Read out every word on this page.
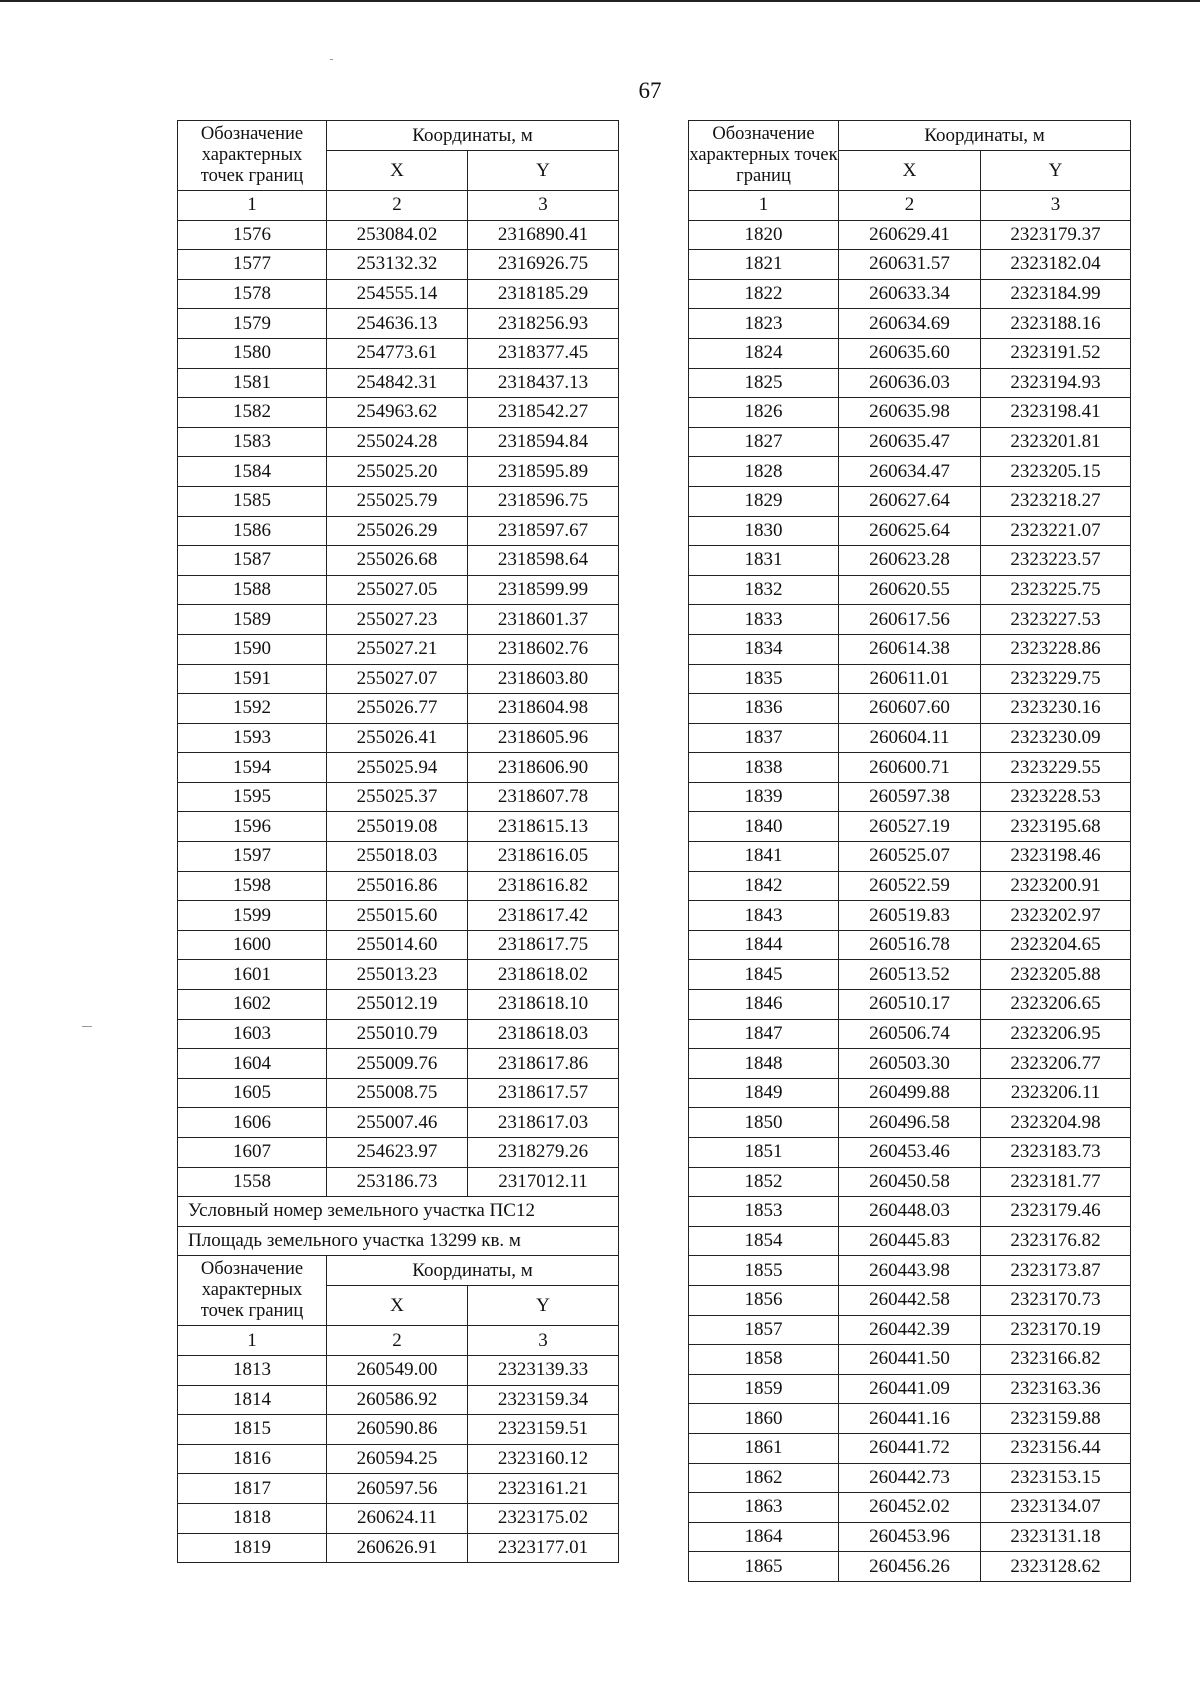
67
Обозначение характерных точек границ	Координаты, м	
	X	Y
1	2	3
1576	253084.02	2316890.41
1577	253132.32	2316926.75
1578	254555.14	2318185.29
1579	254636.13	2318256.93
1580	254773.61	2318377.45
1581	254842.31	2318437.13
1582	254963.62	2318542.27
1583	255024.28	2318594.84
1584	255025.20	2318595.89
1585	255025.79	2318596.75
1586	255026.29	2318597.67
1587	255026.68	2318598.64
1588	255027.05	2318599.99
1589	255027.23	2318601.37
1590	255027.21	2318602.76
1591	255027.07	2318603.80
1592	255026.77	2318604.98
1593	255026.41	2318605.96
1594	255025.94	2318606.90
1595	255025.37	2318607.78
1596	255019.08	2318615.13
1597	255018.03	2318616.05
1598	255016.86	2318616.82
1599	255015.60	2318617.42
1600	255014.60	2318617.75
1601	255013.23	2318618.02
1602	255012.19	2318618.10
1603	255010.79	2318618.03
1604	255009.76	2318617.86
1605	255008.75	2318617.57
1606	255007.46	2318617.03
1607	254623.97	2318279.26
1558	253186.73	2317012.11
Условный номер земельного участка ПС12		
Площадь земельного участка 13299 кв. м		
Обозначение характерных точек границ	Координаты, м	
	X	Y
1	2	3
1813	260549.00	2323139.33
1814	260586.92	2323159.34
1815	260590.86	2323159.51
1816	260594.25	2323160.12
1817	260597.56	2323161.21
1818	260624.11	2323175.02
1819	260626.91	2323177.01
Обозначение характерных точек границ	Координаты, м	
	X	Y
1	2	3
1820	260629.41	2323179.37
1821	260631.57	2323182.04
1822	260633.34	2323184.99
1823	260634.69	2323188.16
1824	260635.60	2323191.52
1825	260636.03	2323194.93
1826	260635.98	2323198.41
1827	260635.47	2323201.81
1828	260634.47	2323205.15
1829	260627.64	2323218.27
1830	260625.64	2323221.07
1831	260623.28	2323223.57
1832	260620.55	2323225.75
1833	260617.56	2323227.53
1834	260614.38	2323228.86
1835	260611.01	2323229.75
1836	260607.60	2323230.16
1837	260604.11	2323230.09
1838	260600.71	2323229.55
1839	260597.38	2323228.53
1840	260527.19	2323195.68
1841	260525.07	2323198.46
1842	260522.59	2323200.91
1843	260519.83	2323202.97
1844	260516.78	2323204.65
1845	260513.52	2323205.88
1846	260510.17	2323206.65
1847	260506.74	2323206.95
1848	260503.30	2323206.77
1849	260499.88	2323206.11
1850	260496.58	2323204.98
1851	260453.46	2323183.73
1852	260450.58	2323181.77
1853	260448.03	2323179.46
1854	260445.83	2323176.82
1855	260443.98	2323173.87
1856	260442.58	2323170.73
1857	260442.39	2323170.19
1858	260441.50	2323166.82
1859	260441.09	2323163.36
1860	260441.16	2323159.88
1861	260441.72	2323156.44
1862	260442.73	2323153.15
1863	260452.02	2323134.07
1864	260453.96	2323131.18
1865	260456.26	2323128.62
